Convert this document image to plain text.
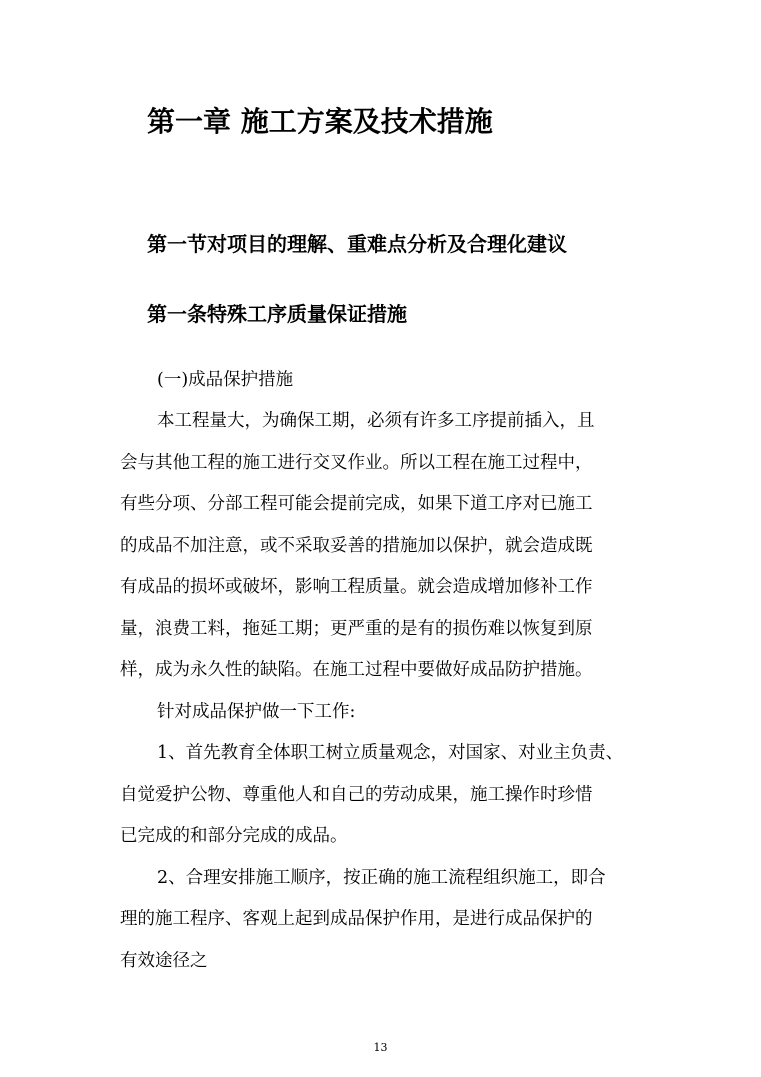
第一章 施工方案及技术措施
第一节对项目的理解、重难点分析及合理化建议
第一条特殊工序质量保证措施

(一)成品保护措施

本工程量大，为确保工期，必须有许多工序提前插入，且

会与其他工程的施工进行交叉作业。所以工程在施工过程中，

有些分项、分部工程可能会提前完成，如果下道工序对已施工

的成品不加注意，或不采取妥善的措施加以保护，就会造成既

有成品的损坏或破坏，影响工程质量。就会造成增加修补工作

量，浪费工料，拖延工期；更严重的是有的损伤难以恢复到原

样，成为永久性的缺陷。在施工过程中要做好成品防护措施。

针对成品保护做一下工作:

1、首先教育全体职工树立质量观念，对国家、对业主负责、

自觉爱护公物、尊重他人和自己的劳动成果，施工操作时珍惜

已完成的和部分完成的成品。

2、合理安排施工顺序，按正确的施工流程组织施工，即合

理的施工程序、客观上起到成品保护作用，是进行成品保护的

有效途径之

13
